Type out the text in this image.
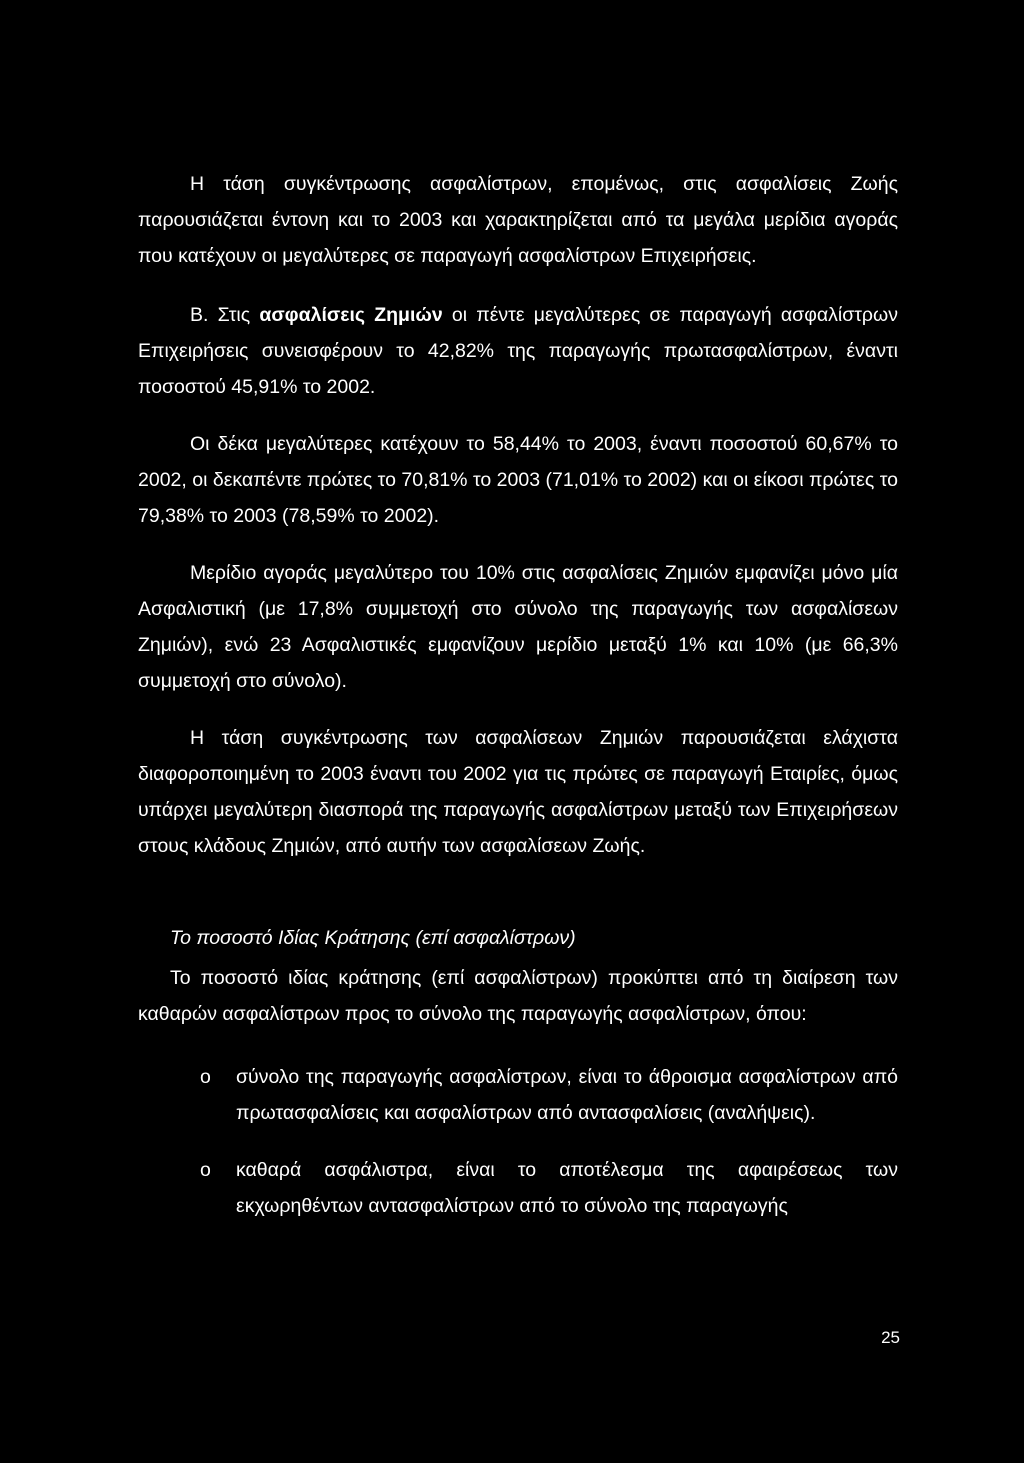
Η τάση συγκέντρωσης ασφαλίστρων, επομένως, στις ασφαλίσεις Ζωής παρουσιάζεται έντονη και το 2003 και χαρακτηρίζεται από τα μεγάλα μερίδια αγοράς που κατέχουν οι μεγαλύτερες σε παραγωγή ασφαλίστρων Επιχειρήσεις.

Β. Στις ασφαλίσεις Ζημιών οι πέντε μεγαλύτερες σε παραγωγή ασφαλίστρων Επιχειρήσεις συνεισφέρουν το 42,82% της παραγωγής πρωτασφαλίστρων, έναντι ποσοστού 45,91% το 2002.

Οι δέκα μεγαλύτερες κατέχουν το 58,44% το 2003, έναντι ποσοστού 60,67% το 2002, οι δεκαπέντε πρώτες το 70,81% το 2003 (71,01% το 2002) και οι είκοσι πρώτες το 79,38% το 2003 (78,59% το 2002).

Μερίδιο αγοράς μεγαλύτερο του 10% στις ασφαλίσεις Ζημιών εμφανίζει μόνο μία Ασφαλιστική (με 17,8% συμμετοχή στο σύνολο της παραγωγής των ασφαλίσεων Ζημιών), ενώ 23 Ασφαλιστικές εμφανίζουν μερίδιο μεταξύ 1% και 10% (με 66,3% συμμετοχή στο σύνολο).

Η τάση συγκέντρωσης των ασφαλίσεων Ζημιών παρουσιάζεται ελάχιστα διαφοροποιημένη το 2003 έναντι του 2002 για τις πρώτες σε παραγωγή Εταιρίες, όμως υπάρχει μεγαλύτερη διασπορά της παραγωγής ασφαλίστρων μεταξύ των Επιχειρήσεων στους κλάδους Ζημιών, από αυτήν των ασφαλίσεων Ζωής.

Το ποσοστό Ιδίας Κράτησης (επί ασφαλίστρων)

Το ποσοστό ιδίας κράτησης (επί ασφαλίστρων) προκύπτει από τη διαίρεση των καθαρών ασφαλίστρων προς το σύνολο της παραγωγής ασφαλίστρων, όπου:

o σύνολο της παραγωγής ασφαλίστρων, είναι το άθροισμα ασφαλίστρων από πρωτασφαλίσεις και ασφαλίστρων από αντασφαλίσεις (αναλήψεις).
o καθαρά ασφάλιστρα, είναι το αποτέλεσμα της αφαιρέσεως των εκχωρηθέντων αντασφαλίστρων από το σύνολο της παραγωγής
25
